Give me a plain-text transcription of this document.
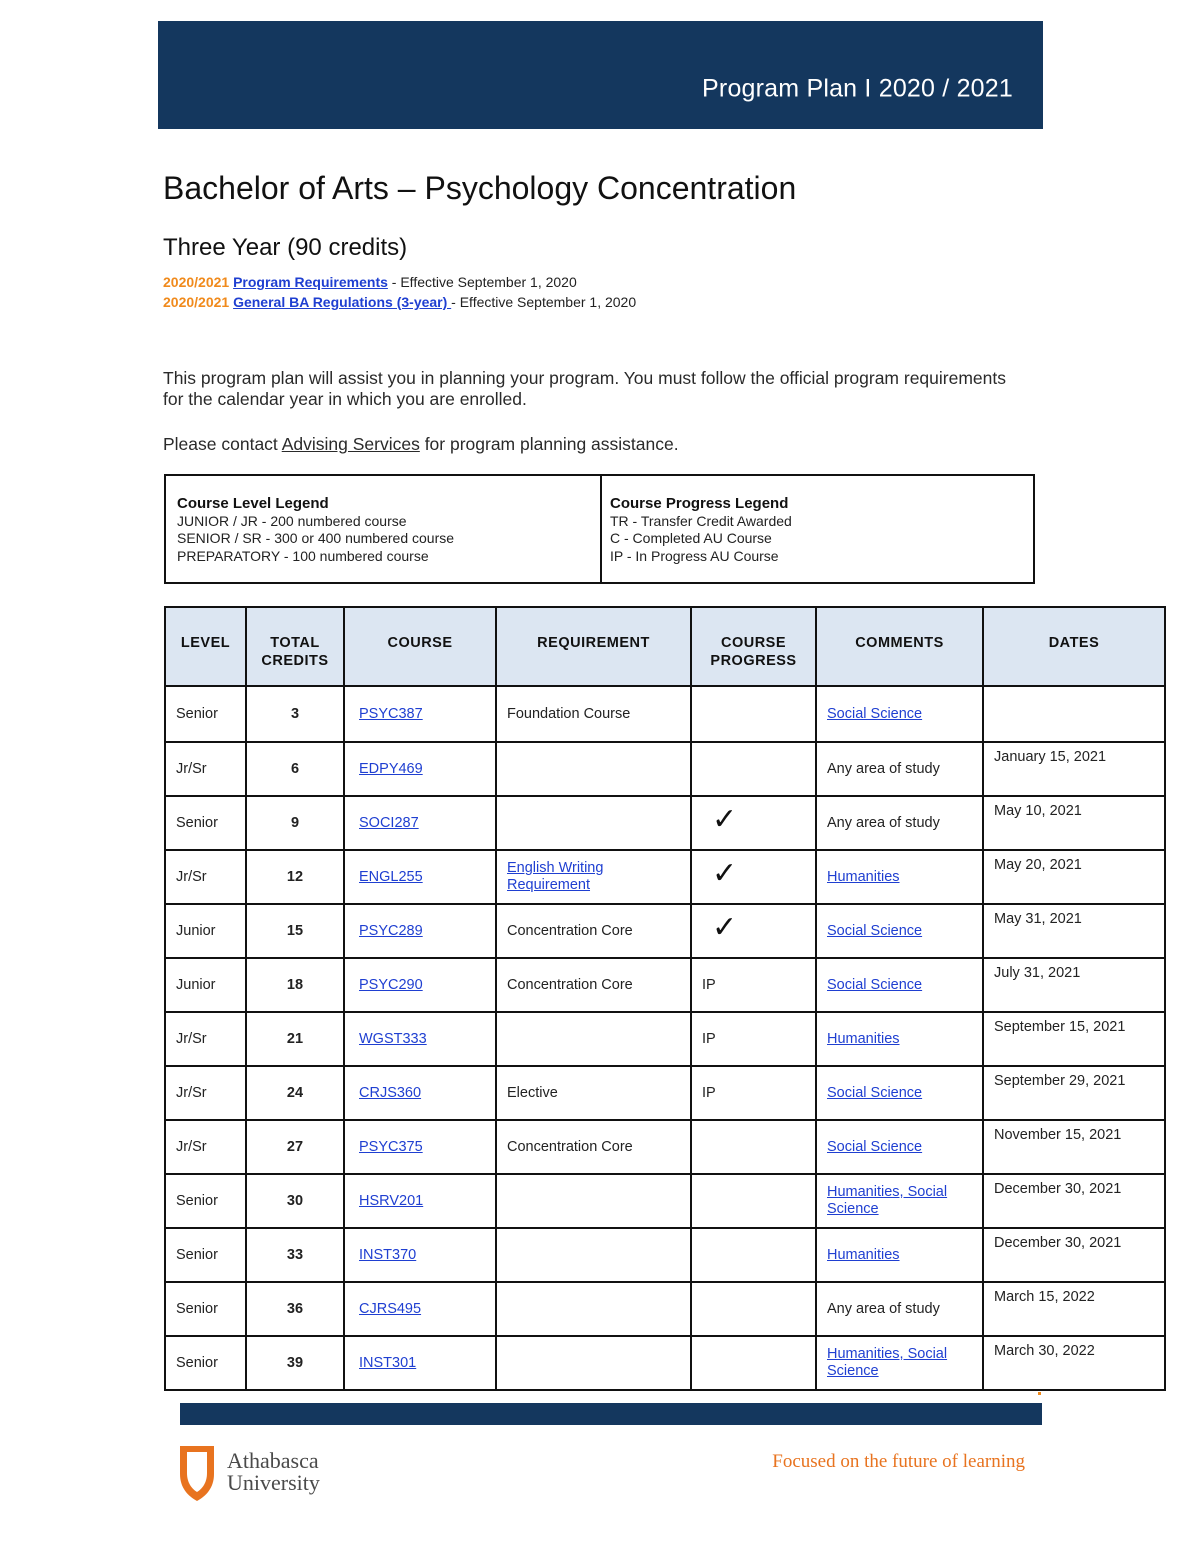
Program Plan I 2020 / 2021
Bachelor of Arts – Psychology Concentration
Three Year (90 credits)
2020/2021 Program Requirements - Effective September 1, 2020
2020/2021 General BA Regulations (3-year) - Effective September 1, 2020
This program plan will assist you in planning your program. You must follow the official program requirements for the calendar year in which you are enrolled.
Please contact Advising Services for program planning assistance.
Course Level Legend
JUNIOR / JR - 200 numbered course
SENIOR / SR - 300 or 400 numbered course
PREPARATORY - 100 numbered course
Course Progress Legend
TR - Transfer Credit Awarded
C - Completed AU Course
IP - In Progress AU Course
LEVEL	TOTAL CREDITS	COURSE	REQUIREMENT	COURSE PROGRESS	COMMENTS	DATES
Senior	3	PSYC387	Foundation Course		Social Science	
Jr/Sr	6	EDPY469			Any area of study	January 15, 2021
Senior	9	SOCI287		✓	Any area of study	May 10, 2021
Jr/Sr	12	ENGL255	English Writing Requirement	✓	Humanities	May 20, 2021
Junior	15	PSYC289	Concentration Core	✓	Social Science	May 31, 2021
Junior	18	PSYC290	Concentration Core	IP	Social Science	July 31, 2021
Jr/Sr	21	WGST333		IP	Humanities	September 15, 2021
Jr/Sr	24	CRJS360	Elective	IP	Social Science	September 29, 2021
Jr/Sr	27	PSYC375	Concentration Core		Social Science	November 15, 2021
Senior	30	HSRV201			Humanities, Social Science	December 30, 2021
Senior	33	INST370			Humanities	December 30, 2021
Senior	36	CJRS495			Any area of study	March 15, 2022
Senior	39	INST301			Humanities, Social Science	March 30, 2022
Athabasca
University
Focused on the future of learning
